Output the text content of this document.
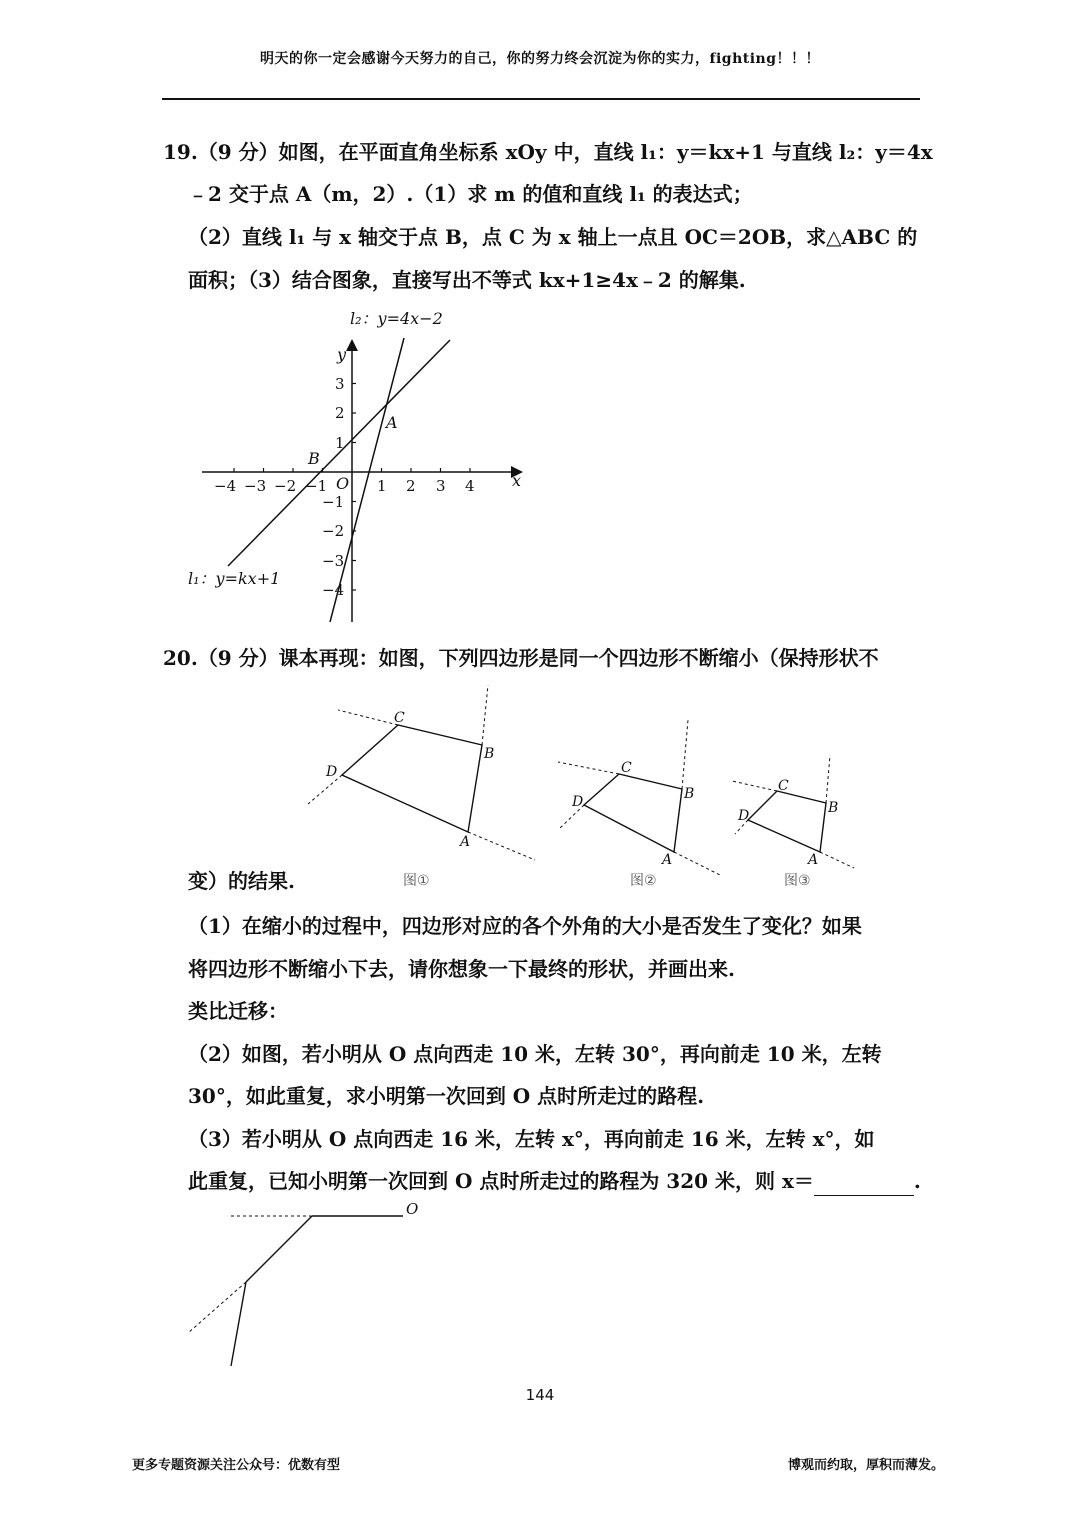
明天的你一定会感谢今天努力的自己，你的努力终会沉淀为你的实力，fighting！！！
19.（9 分）如图，在平面直角坐标系 xOy 中，直线 l₁：y＝kx+1 与直线 l₂：y＝4x
﹣2 交于点 A（m，2）.（1）求 m 的值和直线 l₁ 的表达式；
（2）直线 l₁ 与 x 轴交于点 B，点 C 为 x 轴上一点且 OC＝2OB，求△ABC 的
面积；（3）结合图象，直接写出不等式 kx+1≥4x﹣2 的解集.
−4 −3 −2 −1	1 2 3 4
3
2
1
−1
−2
−3
−4
x
y
O
A
B
l₂：y=4x−2
l₁：y=kx+1
20.（9 分）课本再现：如图，下列四边形是同一个四边形不断缩小（保持形状不
C
B
D
A
C
B
D
A
C
B
D
A
变）的结果.	图①	图②	图③
（1）在缩小的过程中，四边形对应的各个外角的大小是否发生了变化？如果
将四边形不断缩小下去，请你想象一下最终的形状，并画出来.
类比迁移：
（2）如图，若小明从 O 点向西走 10 米，左转 30°，再向前走 10 米，左转
30°，如此重复，求小明第一次回到 O 点时所走过的路程.
（3）若小明从 O 点向西走 16 米，左转 x°，再向前走 16 米，左转 x°，如
此重复，已知小明第一次回到 O 点时所走过的路程为 320 米，则 x＝	.
O
144
更多专题资源关注公众号：优数有型	博观而约取，厚积而薄发。
